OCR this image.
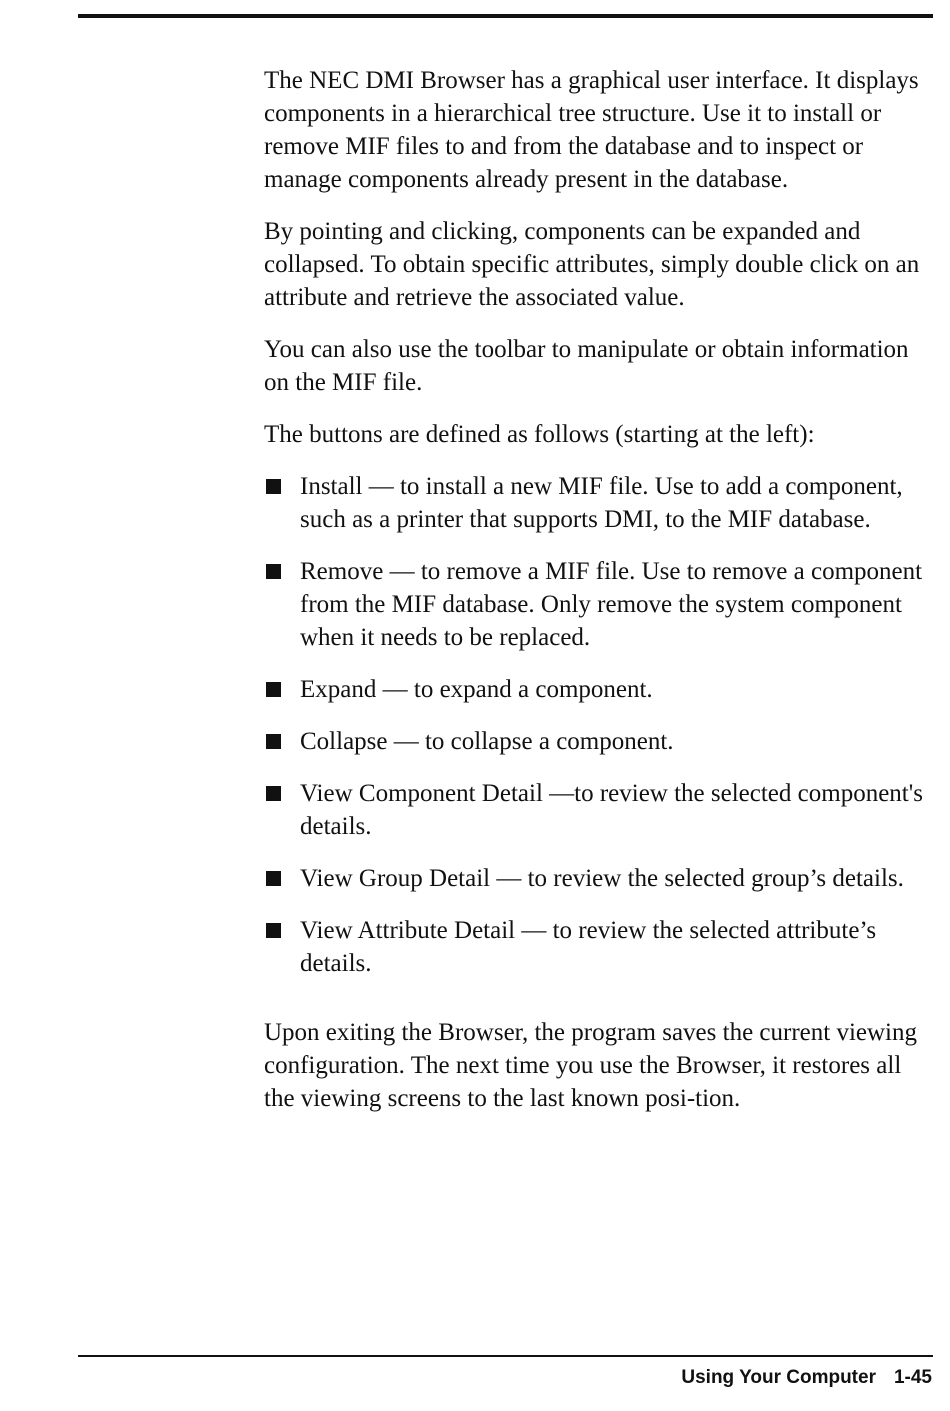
The NEC DMI Browser has a graphical user interface. It displays components in a hierarchical tree structure. Use it to install or remove MIF files to and from the database and to inspect or manage components already present in the database.

By pointing and clicking, components can be expanded and collapsed. To obtain specific attributes, simply double click on an attribute and retrieve the associated value.

You can also use the toolbar to manipulate or obtain information on the MIF file.

The buttons are defined as follows (starting at the left):

Install — to install a new MIF file. Use to add a component, such as a printer that supports DMI, to the MIF database.
Remove — to remove a MIF file. Use to remove a component from the MIF database. Only remove the system component when it needs to be replaced.
Expand — to expand a component.
Collapse — to collapse a component.
View Component Detail —to review the selected component's details.
View Group Detail — to review the selected group’s details.
View Attribute Detail — to review the selected attribute’s details.

Upon exiting the Browser, the program saves the current viewing configuration. The next time you use the Browser, it restores all the viewing screens to the last known posi-tion.

Using Your Computer 1-45
